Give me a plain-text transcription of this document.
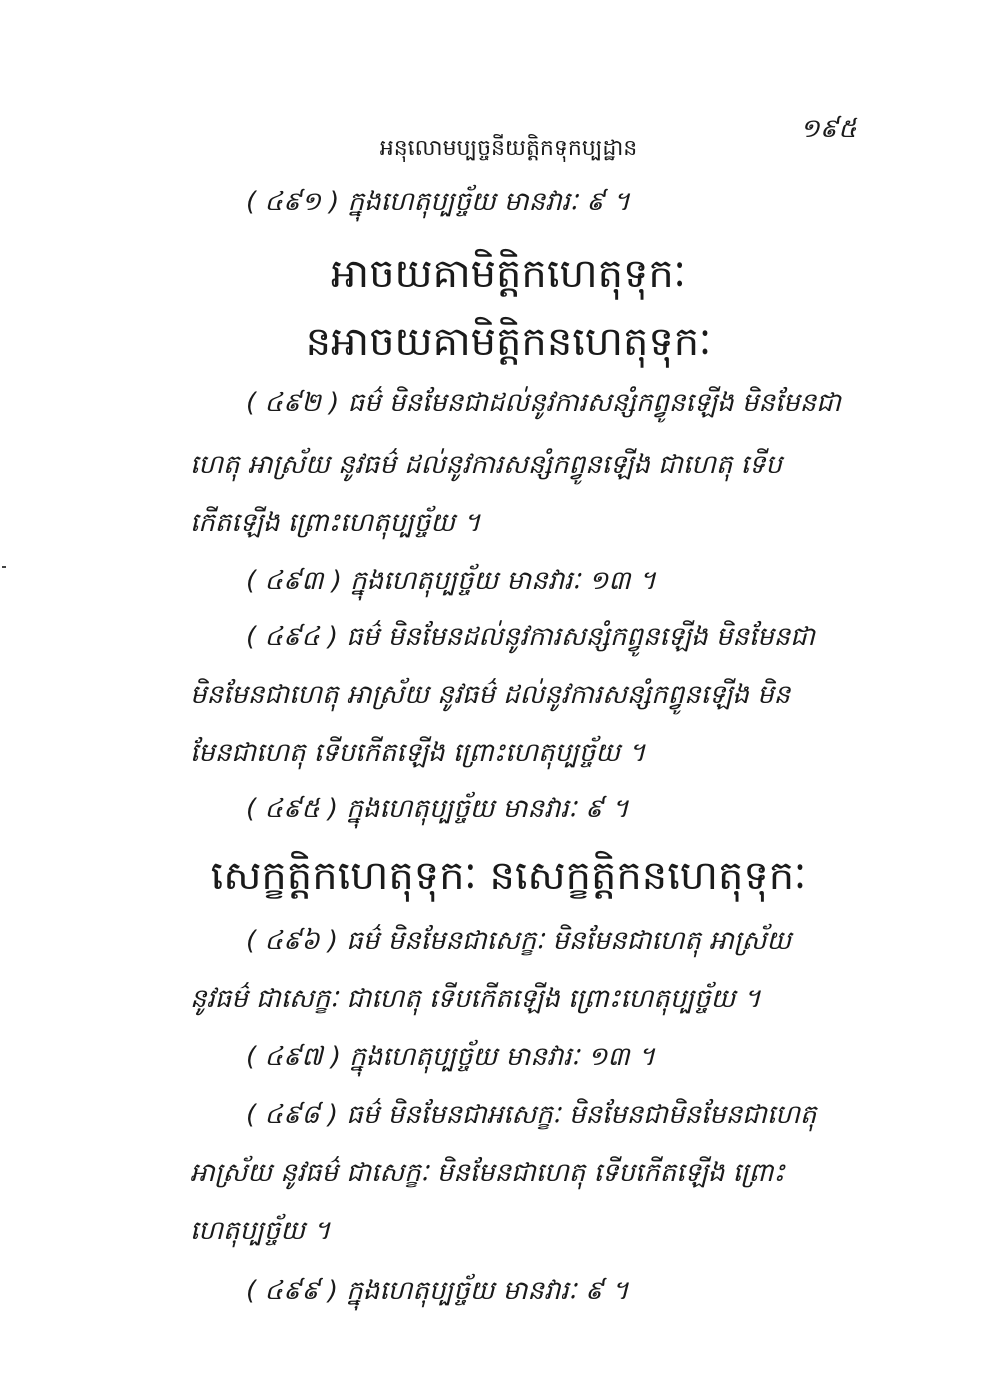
១៩៥
អនុលោមប្បច្ចនីយត្តិកទុកប្បដ្ឋាន
( ៤៩១ ) ក្នុងហេតុប្បច្ច័យ មានវារៈ ៩ ។
អាចយគាមិត្តិកហេតុទុកៈ
នអាចយគាមិត្តិកនហេតុទុកៈ
( ៤៩២ ) ធម៌ មិនមែនជាដល់នូវការសន្សំកព្វូនឡើង មិនមែនជា
ហេតុ អាស្រ័យ នូវធម៌ ដល់នូវការសន្សំកព្វូនឡើង ជាហេតុ ទើប
កើតឡើង ព្រោះហេតុប្បច្ច័យ ។
( ៤៩៣ ) ក្នុងហេតុប្បច្ច័យ មានវារៈ ១៣ ។
( ៤៩៤ ) ធម៌ មិនមែនដល់នូវការសន្សំកព្វូនឡើង មិនមែនជា
មិនមែនជាហេតុ អាស្រ័យ នូវធម៌ ដល់នូវការសន្សំកព្វូនឡើង មិន
មែនជាហេតុ ទើបកើតឡើង ព្រោះហេតុប្បច្ច័យ ។
( ៤៩៥ ) ក្នុងហេតុប្បច្ច័យ មានវារៈ ៩ ។
សេក្ខត្តិកហេតុទុកៈ នសេក្ខត្តិកនហេតុទុកៈ
( ៤៩៦ ) ធម៌ មិនមែនជាសេក្ខៈ មិនមែនជាហេតុ អាស្រ័យ
នូវធម៌ ជាសេក្ខៈ ជាហេតុ ទើបកើតឡើង ព្រោះហេតុប្បច្ច័យ ។
( ៤៩៧ ) ក្នុងហេតុប្បច្ច័យ មានវារៈ ១៣ ។
( ៤៩៨ ) ធម៌ មិនមែនជាអសេក្ខៈ មិនមែនជាមិនមែនជាហេតុ
អាស្រ័យ នូវធម៌ ជាសេក្ខៈ មិនមែនជាហេតុ ទើបកើតឡើង ព្រោះ
ហេតុប្បច្ច័យ ។
( ៤៩៩ ) ក្នុងហេតុប្បច្ច័យ មានវារៈ ៩ ។
